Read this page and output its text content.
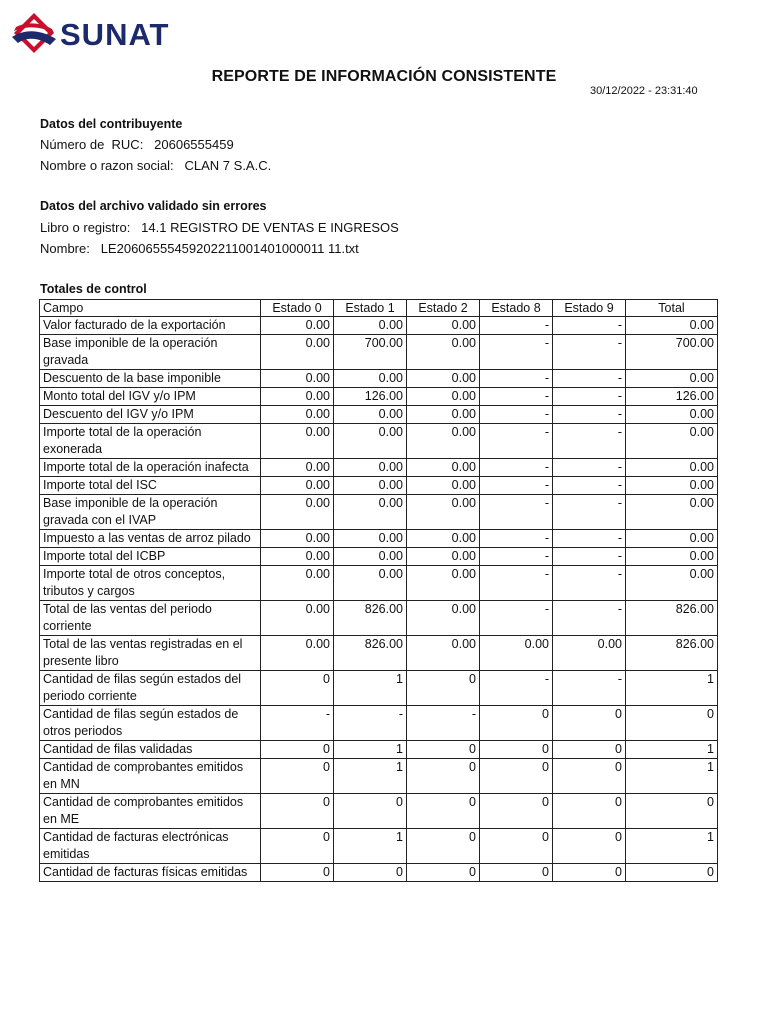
SUNAT
REPORTE DE INFORMACIÓN CONSISTENTE
30/12/2022 - 23:31:40
Datos del contribuyente
Número de  RUC: 20606555459
Nombre o razon social: CLAN 7 S.A.C.
Datos del archivo validado sin errores
Libro o registro: 14.1 REGISTRO DE VENTAS E INGRESOS
Nombre: LE20606555459202211001401000011 11.txt
Totales de control
Campo	Estado 0	Estado 1	Estado 2	Estado 8	Estado 9	Total
Valor facturado de la exportación	0.00	0.00	0.00	-	-	0.00
Base imponible de la operación gravada	0.00	700.00	0.00	-	-	700.00
Descuento de la base imponible	0.00	0.00	0.00	-	-	0.00
Monto total del IGV y/o IPM	0.00	126.00	0.00	-	-	126.00
Descuento del IGV y/o IPM	0.00	0.00	0.00	-	-	0.00
Importe total de la operación exonerada	0.00	0.00	0.00	-	-	0.00
Importe total de la operación inafecta	0.00	0.00	0.00	-	-	0.00
Importe total del ISC	0.00	0.00	0.00	-	-	0.00
Base imponible de la operación gravada con el IVAP	0.00	0.00	0.00	-	-	0.00
Impuesto a las ventas de arroz pilado	0.00	0.00	0.00	-	-	0.00
Importe total del ICBP	0.00	0.00	0.00	-	-	0.00
Importe total de otros conceptos, tributos y cargos	0.00	0.00	0.00	-	-	0.00
Total de las ventas del periodo corriente	0.00	826.00	0.00	-	-	826.00
Total de las ventas registradas en el presente libro	0.00	826.00	0.00	0.00	0.00	826.00
Cantidad de filas según estados del periodo corriente	0	1	0	-	-	1
Cantidad de filas según estados de otros periodos	-	-	-	0	0	0
Cantidad de filas validadas	0	1	0	0	0	1
Cantidad de comprobantes emitidos en MN	0	1	0	0	0	1
Cantidad de comprobantes emitidos en ME	0	0	0	0	0	0
Cantidad de facturas electrónicas emitidas	0	1	0	0	0	1
Cantidad de facturas físicas emitidas	0	0	0	0	0	0
